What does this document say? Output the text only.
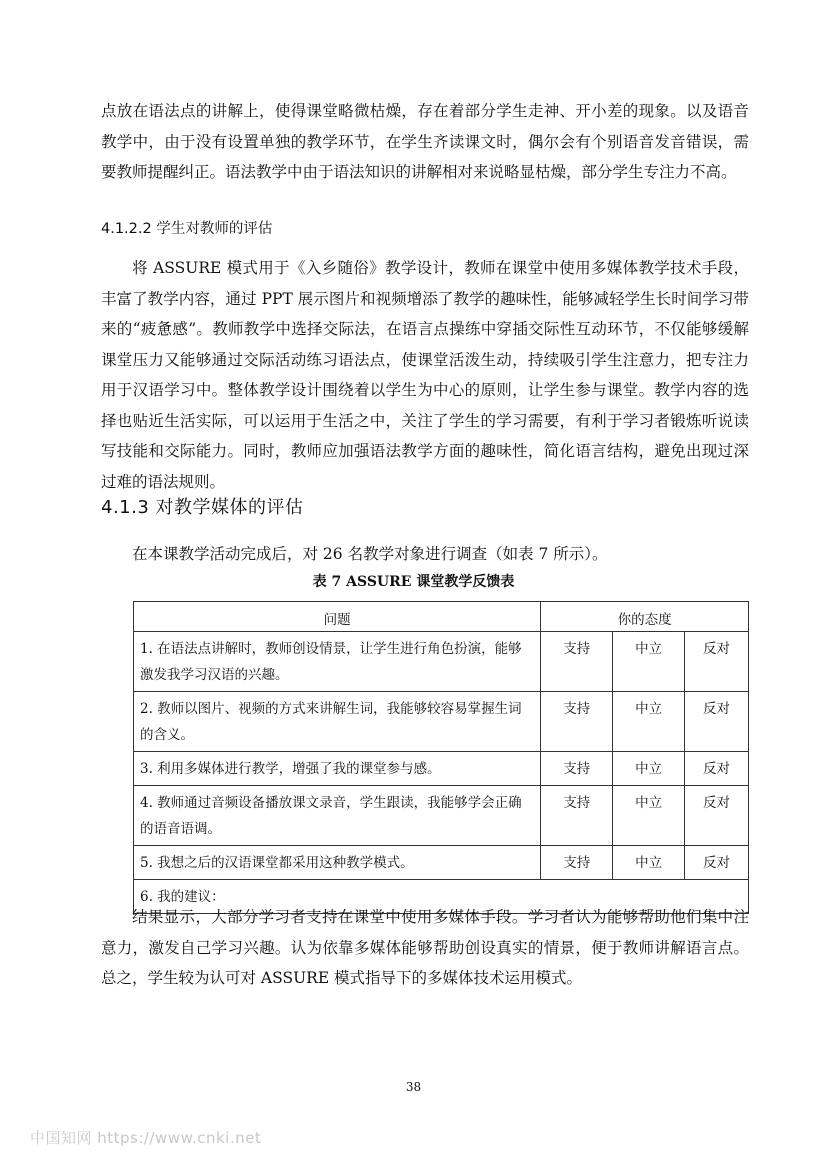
点放在语法点的讲解上，使得课堂略微枯燥，存在着部分学生走神、开小差的现象。以及语音教学中，由于没有设置单独的教学环节，在学生齐读课文时，偶尔会有个别语音发音错误，需要教师提醒纠正。语法教学中由于语法知识的讲解相对来说略显枯燥，部分学生专注力不高。

4.1.2.2 学生对教师的评估

将 ASSURE 模式用于《入乡随俗》教学设计，教师在课堂中使用多媒体教学技术手段，丰富了教学内容，通过 PPT 展示图片和视频增添了教学的趣味性，能够减轻学生长时间学习带来的“疲惫感”。教师教学中选择交际法，在语言点操练中穿插交际性互动环节，不仅能够缓解课堂压力又能够通过交际活动练习语法点，使课堂活泼生动，持续吸引学生注意力，把专注力用于汉语学习中。整体教学设计围绕着以学生为中心的原则，让学生参与课堂。教学内容的选择也贴近生活实际，可以运用于生活之中，关注了学生的学习需要，有利于学习者锻炼听说读写技能和交际能力。同时，教师应加强语法教学方面的趣味性，简化语言结构，避免出现过深过难的语法规则。

4.1.3 对教学媒体的评估

在本课教学活动完成后，对 26 名教学对象进行调查（如表 7 所示）。

表 7 ASSURE 课堂教学反馈表

问题	你的态度		
1. 在语法点讲解时，教师创设情景，让学生进行角色扮演，能够激发我学习汉语的兴趣。	支持	中立	反对
2. 教师以图片、视频的方式来讲解生词，我能够较容易掌握生词的含义。	支持	中立	反对
3. 利用多媒体进行教学，增强了我的课堂参与感。	支持	中立	反对
4. 教师通过音频设备播放课文录音，学生跟读，我能够学会正确的语音语调。	支持	中立	反对
5. 我想之后的汉语课堂都采用这种教学模式。	支持	中立	反对
6. 我的建议：			

结果显示，大部分学习者支持在课堂中使用多媒体手段。学习者认为能够帮助他们集中注意力，激发自己学习兴趣。认为依靠多媒体能够帮助创设真实的情景，便于教师讲解语言点。总之，学生较为认可对 ASSURE 模式指导下的多媒体技术运用模式。

38

中国知网 https://www.cnki.net
